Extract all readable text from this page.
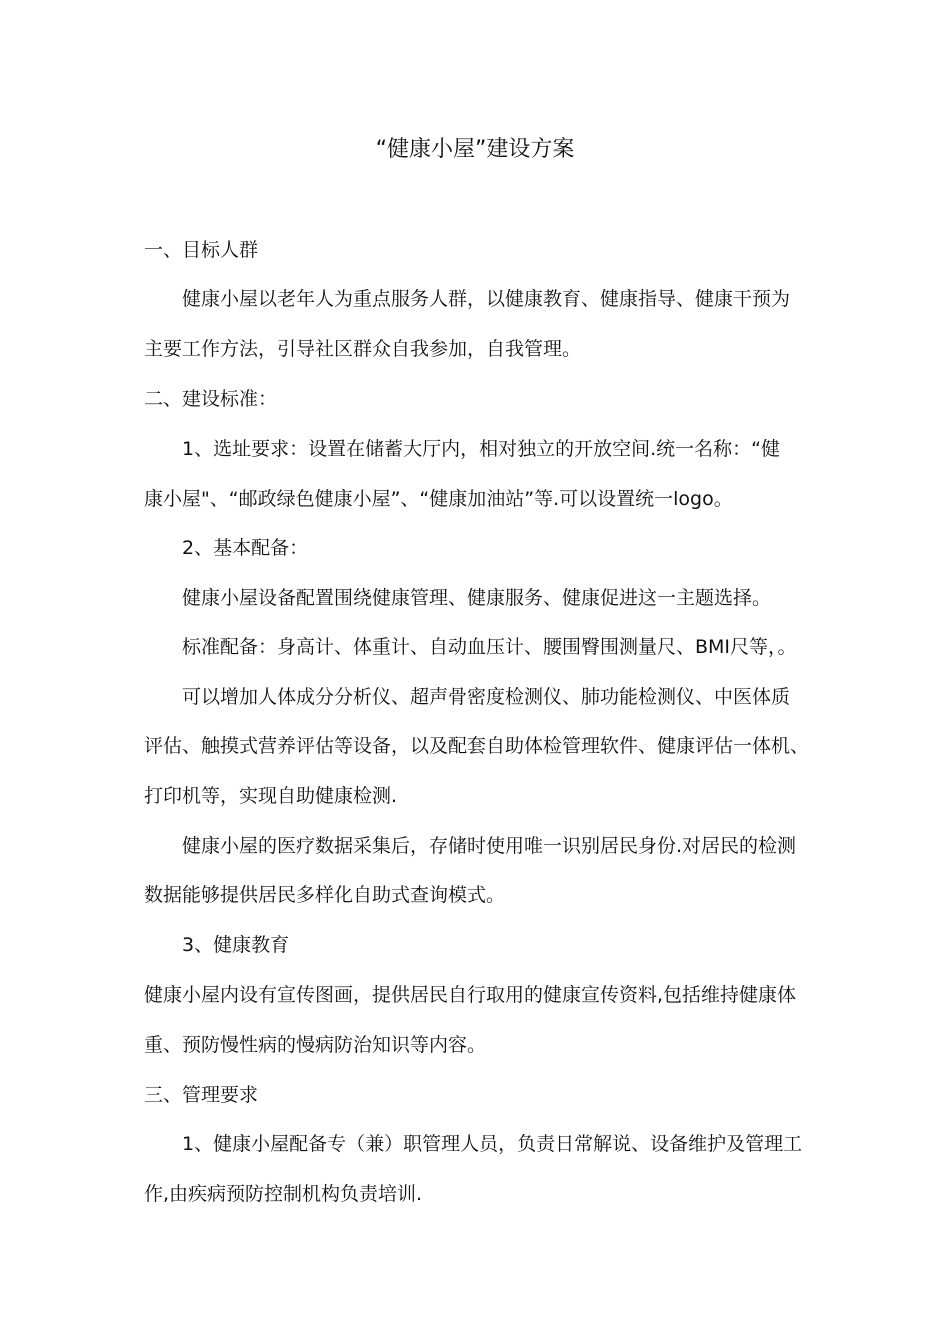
“健康小屋”建设方案
一、目标人群
健康小屋以老年人为重点服务人群，以健康教育、健康指导、健康干预为
主要工作方法，引导社区群众自我参加，自我管理。
二、建设标准：
1、选址要求：设置在储蓄大厅内，相对独立的开放空间.统一名称：“健
康小屋"、“邮政绿色健康小屋”、“健康加油站”等.可以设置统一logo。
2、基本配备：
健康小屋设备配置围绕健康管理、健康服务、健康促进这一主题选择。
标准配备：身高计、体重计、自动血压计、腰围臀围测量尺、BMI尺等，。
可以增加人体成分分析仪、超声骨密度检测仪、肺功能检测仪、中医体质
评估、触摸式营养评估等设备，以及配套自助体检管理软件、健康评估一体机、
打印机等，实现自助健康检测.
健康小屋的医疗数据采集后，存储时使用唯一识别居民身份.对居民的检测
数据能够提供居民多样化自助式查询模式。
3、健康教育
健康小屋内设有宣传图画，提供居民自行取用的健康宣传资料,包括维持健康体
重、预防慢性病的慢病防治知识等内容。
三、管理要求
1、健康小屋配备专（兼）职管理人员，负责日常解说、设备维护及管理工
作,由疾病预防控制机构负责培训.
